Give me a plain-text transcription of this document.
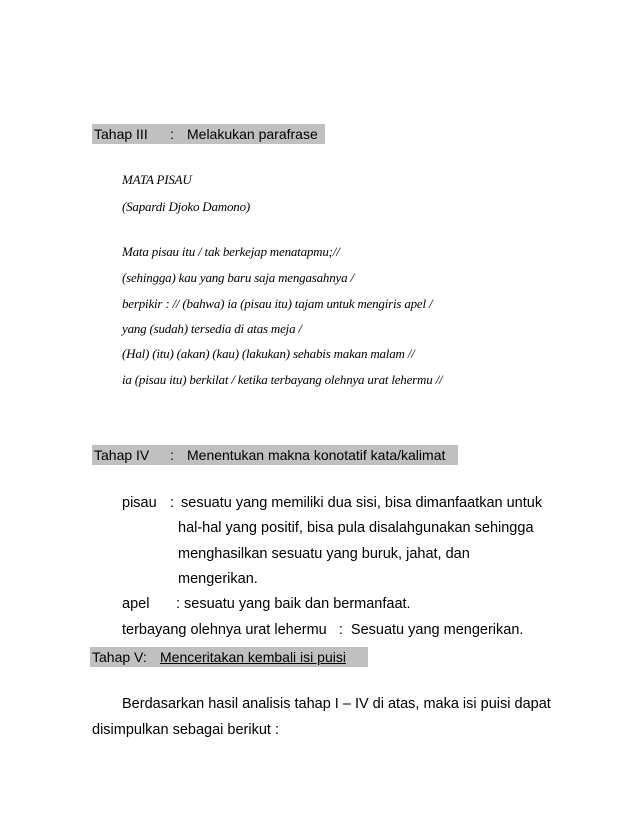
Tahap III : Melakukan parafrase
MATA PISAU
(Sapardi Djoko Damono)
Mata pisau itu / tak berkejap menatapmu;//
(sehingga) kau yang baru saja mengasahnya /
berpikir : // (bahwa) ia (pisau itu) tajam untuk mengiris apel /
yang (sudah) tersedia di atas meja /
(Hal) (itu) (akan) (kau) (lakukan) sehabis makan malam //
ia (pisau itu) berkilat / ketika terbayang olehnya urat lehermu //
Tahap IV : Menentukan makna konotatif kata/kalimat
pisau : sesuatu yang memiliki dua sisi, bisa dimanfaatkan untuk
hal-hal yang positif, bisa pula disalahgunakan sehingga
menghasilkan sesuatu yang buruk, jahat, dan
mengerikan.
apel : sesuatu yang baik dan bermanfaat.
terbayang olehnya urat lehermu   :  Sesuatu yang mengerikan.
Tahap V: Menceritakan kembali isi puisi
Berdasarkan hasil analisis tahap I – IV di atas, maka isi puisi dapat
disimpulkan sebagai berikut :
